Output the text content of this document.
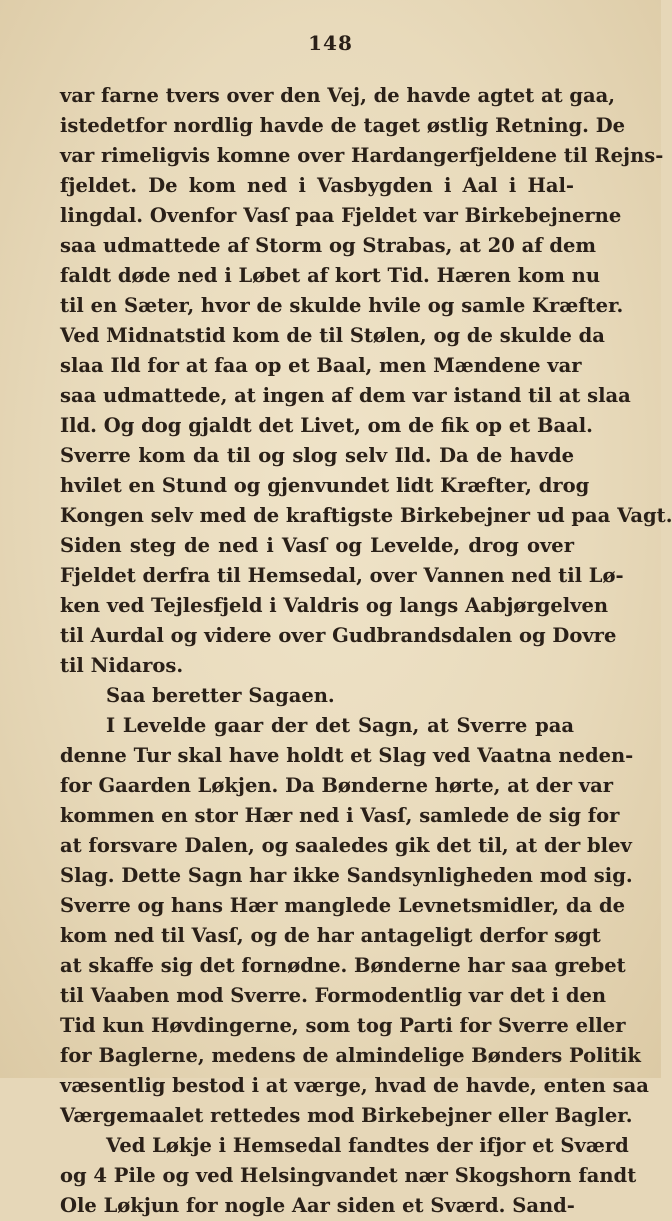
148
var farne tvers over den Vej, de havde agtet at gaa,
istedetfor nordlig havde de taget østlig Retning. De
var rimeligvis komne over Hardangerfjeldene til Rejns-
fjeldet. De kom ned i Vasbygden i Aal i Hal-
lingdal. Ovenfor Vasſ paa Fjeldet var Birkebejnerne
saa udmattede af Storm og Strabas, at 20 af dem
faldt døde ned i Løbet af kort Tid. Hæren kom nu
til en Sæter, hvor de skulde hvile og samle Kræfter.
Ved Midnatstid kom de til Stølen, og de skulde da
slaa Ild for at faa op et Baal, men Mændene var
saa udmattede, at ingen af dem var istand til at slaa
Ild. Og dog gjaldt det Livet, om de fik op et Baal.
Sverre kom da til og slog selv Ild. Da de havde
hvilet en Stund og gjenvundet lidt Kræfter, drog
Kongen selv med de kraftigste Birkebejner ud paa Vagt.
Siden steg de ned i Vasſ og Levelde, drog over
Fjeldet derfra til Hemsedal, over Vannen ned til Lø-
ken ved Tejlesfjeld i Valdris og langs Aabjørgelven
til Aurdal og videre over Gudbrandsdalen og Dovre
til Nidaros.
Saa beretter Sagaen.
I Levelde gaar der det Sagn, at Sverre paa
denne Tur skal have holdt et Slag ved Vaatna neden-
for Gaarden Løkjen. Da Bønderne hørte, at der var
kommen en stor Hær ned i Vasſ, samlede de sig for
at forsvare Dalen, og saaledes gik det til, at der blev
Slag. Dette Sagn har ikke Sandsynligheden mod sig.
Sverre og hans Hær manglede Levnetsmidler, da de
kom ned til Vasſ, og de har antageligt derfor søgt
at skaffe sig det fornødne. Bønderne har saa grebet
til Vaaben mod Sverre. Formodentlig var det i den
Tid kun Høvdingerne, som tog Parti for Sverre eller
for Baglerne, medens de almindelige Bønders Politik
væsentlig bestod i at værge, hvad de havde, enten saa
Værgemaalet rettedes mod Birkebejner eller Bagler.
Ved Løkje i Hemsedal fandtes der ifjor et Sværd
og 4 Pile og ved Helsingvandet nær Skogshorn fandt
Ole Løkjun for nogle Aar siden et Sværd. Sand-
